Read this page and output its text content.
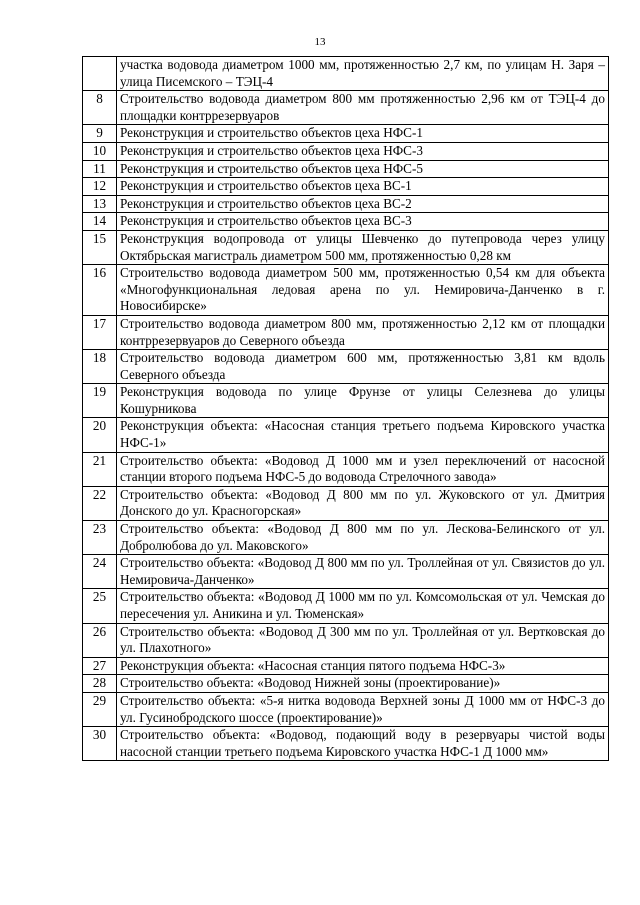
13
	участка водовода диаметром 1000 мм, протяженностью 2,7 км, по улицам Н. Заря – улица Писемского – ТЭЦ-4
8	Строительство водовода диаметром 800 мм протяженностью 2,96 км от ТЭЦ-4 до площадки контррезервуаров
9	Реконструкция и строительство объектов цеха НФС-1
10	Реконструкция и строительство объектов цеха НФС-3
11	Реконструкция и строительство объектов цеха НФС-5
12	Реконструкция и строительство объектов цеха ВС-1
13	Реконструкция и строительство объектов цеха ВС-2
14	Реконструкция и строительство объектов цеха ВС-3
15	Реконструкция водопровода от улицы Шевченко до путепровода через улицу Октябрьская магистраль диаметром 500 мм, протяженностью 0,28 км
16	Строительство водовода диаметром 500 мм, протяженностью 0,54 км для объекта «Многофункциональная ледовая арена по ул. Немировича-Данченко в г. Новосибирске»
17	Строительство водовода диаметром 800 мм, протяженностью 2,12 км от площадки контррезервуаров до Северного объезда
18	Строительство водовода диаметром 600 мм, протяженностью 3,81 км вдоль Северного объезда
19	Реконструкция водовода по улице Фрунзе от улицы Селезнева до улицы Кошурникова
20	Реконструкция объекта: «Насосная станция третьего подъема Кировского участка НФС-1»
21	Строительство объекта: «Водовод Д 1000 мм и узел переключений от насосной станции второго подъема НФС-5 до водовода Стрелочного завода»
22	Строительство объекта: «Водовод Д 800 мм по ул. Жуковского от ул. Дмитрия Донского до ул. Красногорская»
23	Строительство объекта: «Водовод Д 800 мм по ул. Лескова-Белинского от ул. Добролюбова до ул. Маковского»
24	Строительство объекта: «Водовод Д 800 мм по ул. Троллейная от ул. Связистов до ул. Немировича-Данченко»
25	Строительство объекта: «Водовод Д 1000 мм по ул. Комсомольская от ул. Чемская до пересечения ул. Аникина и ул. Тюменская»
26	Строительство объекта: «Водовод Д 300 мм по ул. Троллейная от ул. Вертковская до ул. Плахотного»
27	Реконструкция объекта: «Насосная станция пятого подъема НФС-3»
28	Строительство объекта: «Водовод Нижней зоны (проектирование)»
29	Строительство объекта: «5-я нитка водовода Верхней зоны Д 1000 мм от НФС-3 до ул. Гусинобродского шоссе (проектирование)»
30	Строительство объекта: «Водовод, подающий воду в резервуары чистой воды насосной станции третьего подъема Кировского участка НФС-1 Д 1000 мм»
